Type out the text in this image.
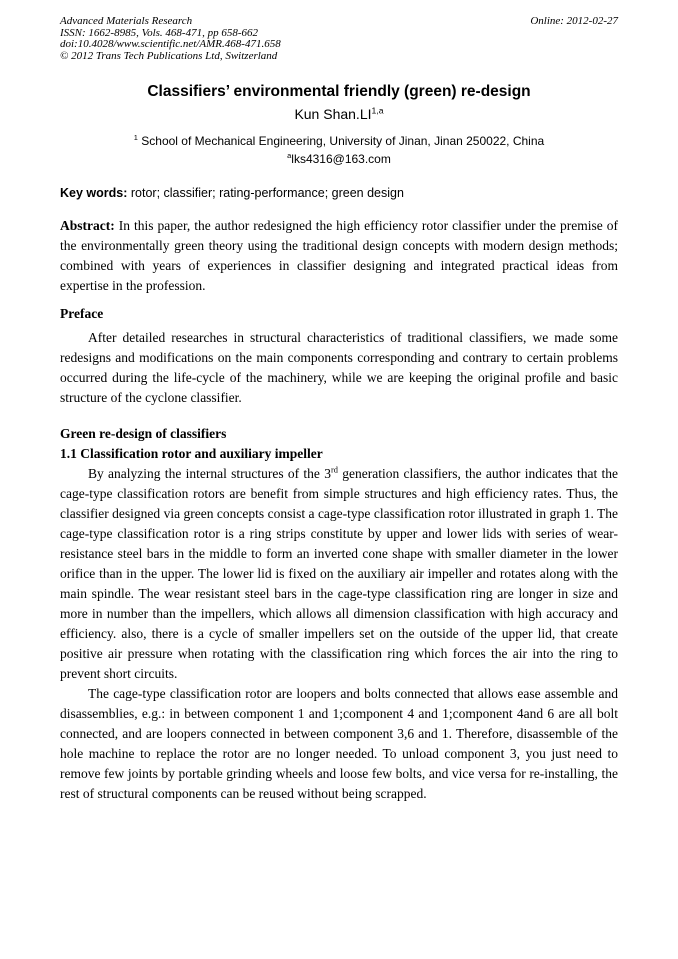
Advanced Materials Research
ISSN: 1662-8985, Vols. 468-471, pp 658-662
doi:10.4028/www.scientific.net/AMR.468-471.658
© 2012 Trans Tech Publications Ltd, Switzerland
Online: 2012-02-27
Classifiers’ environmental friendly (green) re-design
Kun Shan.LI$^{1,a}$
$^1$ School of Mechanical Engineering, University of Jinan, Jinan 250022, China
$^a$lks4316@163.com

Key words: rotor; classifier; rating-performance; green design

Abstract: In this paper, the author redesigned the high efficiency rotor classifier under the premise of the environmentally green theory using the traditional design concepts with modern design methods; combined with years of experiences in classifier designing and integrated practical ideas from expertise in the profession.

Preface

After detailed researches in structural characteristics of traditional classifiers, we made some redesigns and modifications on the main components corresponding and contrary to certain problems occurred during the life-cycle of the machinery, while we are keeping the original profile and basic structure of the cyclone classifier.

Green re-design of classifiers
1.1 Classification rotor and auxiliary impeller

By analyzing the internal structures of the 3rd generation classifiers, the author indicates that the cage-type classification rotors are benefit from simple structures and high efficiency rates. Thus, the classifier designed via green concepts consist a cage-type classification rotor illustrated in graph 1. The cage-type classification rotor is a ring strips constitute by upper and lower lids with series of wear-resistance steel bars in the middle to form an inverted cone shape with smaller diameter in the lower orifice than in the upper. The lower lid is fixed on the auxiliary air impeller and rotates along with the main spindle. The wear resistant steel bars in the cage-type classification ring are longer in size and more in number than the impellers, which allows all dimension classification with high accuracy and efficiency. also, there is a cycle of smaller impellers set on the outside of the upper lid, that create positive air pressure when rotating with the classification ring which forces the air into the ring to prevent short circuits.

The cage-type classification rotor are loopers and bolts connected that allows ease assemble and disassemblies, e.g.: in between component 1 and 1;component 4 and 1;component 4and 6 are all bolt connected, and are loopers connected in between component 3,6 and 1. Therefore, disassemble of the hole machine to replace the rotor are no longer needed. To unload component 3, you just need to remove few joints by portable grinding wheels and loose few bolts, and vice versa for re-installing, the rest of structural components can be reused without being scrapped.
